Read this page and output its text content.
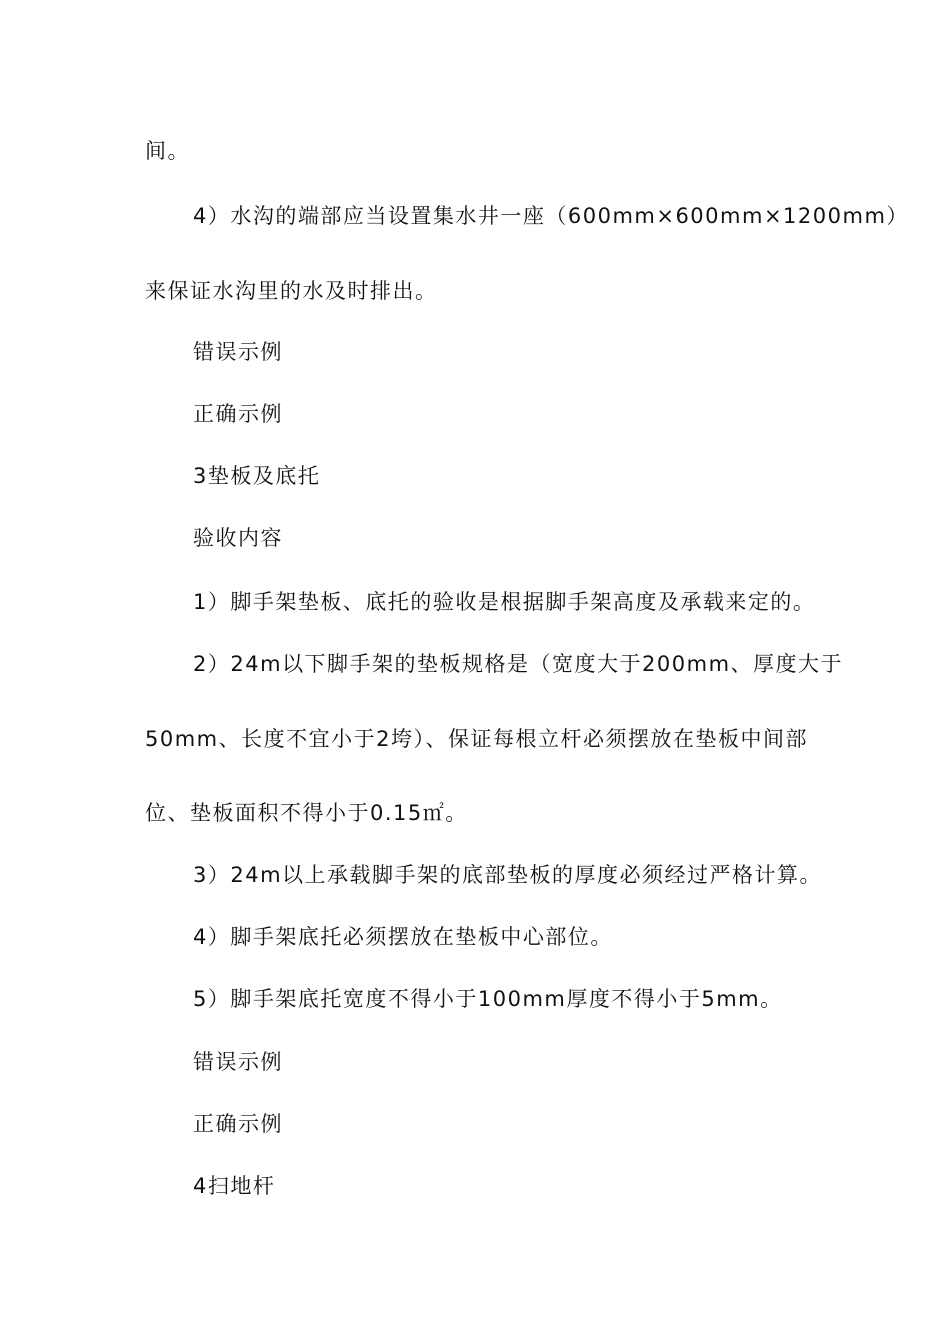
间。
4）水沟的端部应当设置集水井一座（600mm×600mm×1200mm）
来保证水沟里的水及时排出。
错误示例
正确示例
3垫板及底托
验收内容
1）脚手架垫板、底托的验收是根据脚手架高度及承载来定的。
2）24m以下脚手架的垫板规格是（宽度大于200mm、厚度大于
50mm、长度不宜小于2垮）、保证每根立杆必须摆放在垫板中间部
位、垫板面积不得小于0.15㎡。
3）24m以上承载脚手架的底部垫板的厚度必须经过严格计算。
4）脚手架底托必须摆放在垫板中心部位。
5）脚手架底托宽度不得小于100mm厚度不得小于5mm。
错误示例
正确示例
4扫地杆
